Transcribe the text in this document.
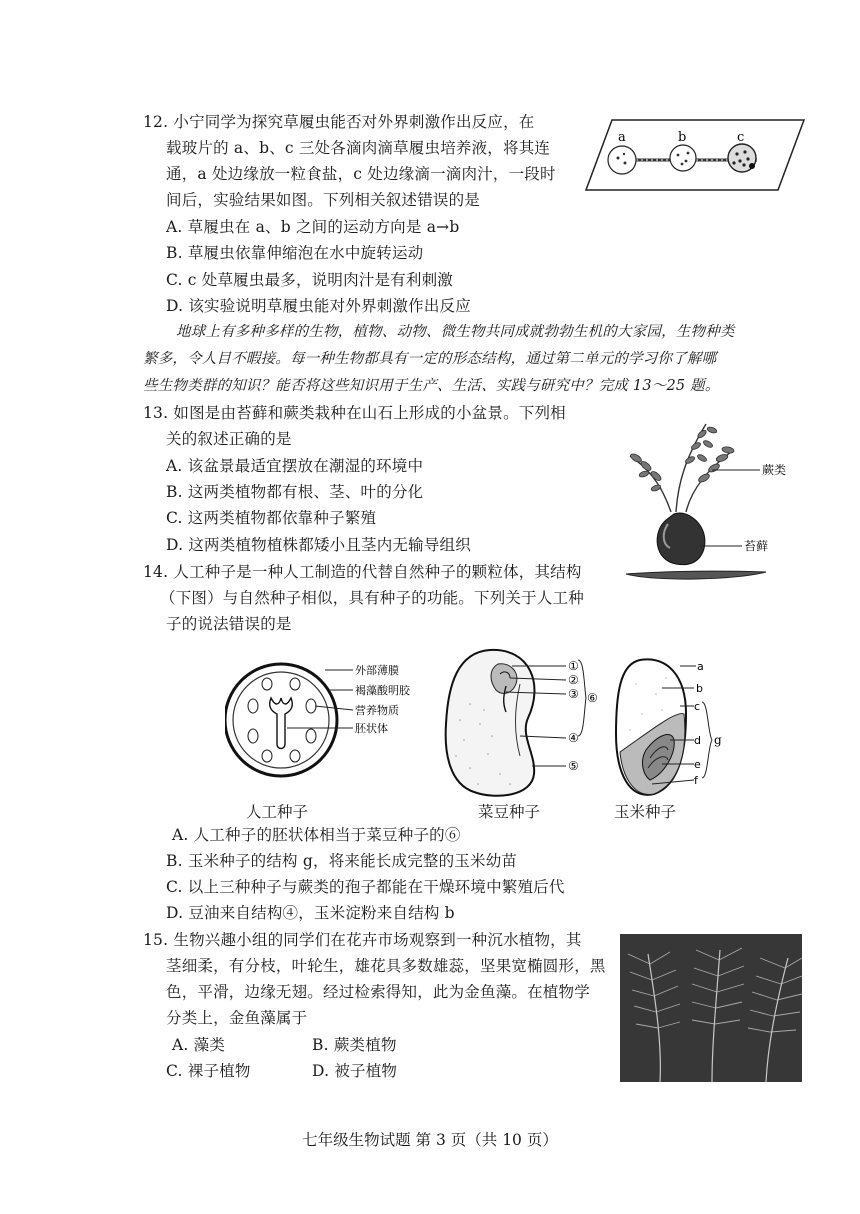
12. 小宁同学为探究草履虫能否对外界刺激作出反应，在
载玻片的 a、b、c 三处各滴肉滴草履虫培养液，将其连
通，a 处边缘放一粒食盐，c 处边缘滴一滴肉汁，一段时
间后，实验结果如图。下列相关叙述错误的是
A. 草履虫在 a、b 之间的运动方向是 a→b
B. 草履虫依靠伸缩泡在水中旋转运动
C. c 处草履虫最多，说明肉汁是有利刺激
D. 该实验说明草履虫能对外界刺激作出反应
a	b	c
地球上有多种多样的生物，植物、动物、微生物共同成就勃勃生机的大家园，生物种类
繁多，令人目不暇接。每一种生物都具有一定的形态结构，通过第二单元的学习你了解哪
些生物类群的知识？能否将这些知识用于生产、生活、实践与研究中？完成 13～25 题。
13. 如图是由苔藓和蕨类栽种在山石上形成的小盆景。下列相
关的叙述正确的是
A. 该盆景最适宜摆放在潮湿的环境中
B. 这两类植物都有根、茎、叶的分化
C. 这两类植物都依靠种子繁殖
D. 这两类植物植株都矮小且茎内无输导组织
蕨类
苔藓
14. 人工种子是一种人工制造的代替自然种子的颗粒体，其结构
（下图）与自然种子相似，具有种子的功能。下列关于人工种
子的说法错误的是
外部薄膜
褐藻酸明胶
营养物质
胚状体
①
②
③
④
⑤
⑥
a
b
c
d
e
f
g
人工种子	菜豆种子	玉米种子
A. 人工种子的胚状体相当于菜豆种子的⑥
B. 玉米种子的结构 g，将来能长成完整的玉米幼苗
C. 以上三种种子与蕨类的孢子都能在干燥环境中繁殖后代
D. 豆油来自结构④，玉米淀粉来自结构 b
15. 生物兴趣小组的同学们在花卉市场观察到一种沉水植物，其
茎细柔，有分枝，叶轮生，雄花具多数雄蕊，坚果宽椭圆形，黑
色，平滑，边缘无翅。经过检索得知，此为金鱼藻。在植物学
分类上，金鱼藻属于
A. 藻类	B. 蕨类植物
C. 裸子植物	D. 被子植物
七年级生物试题 第 3 页（共 10 页）
